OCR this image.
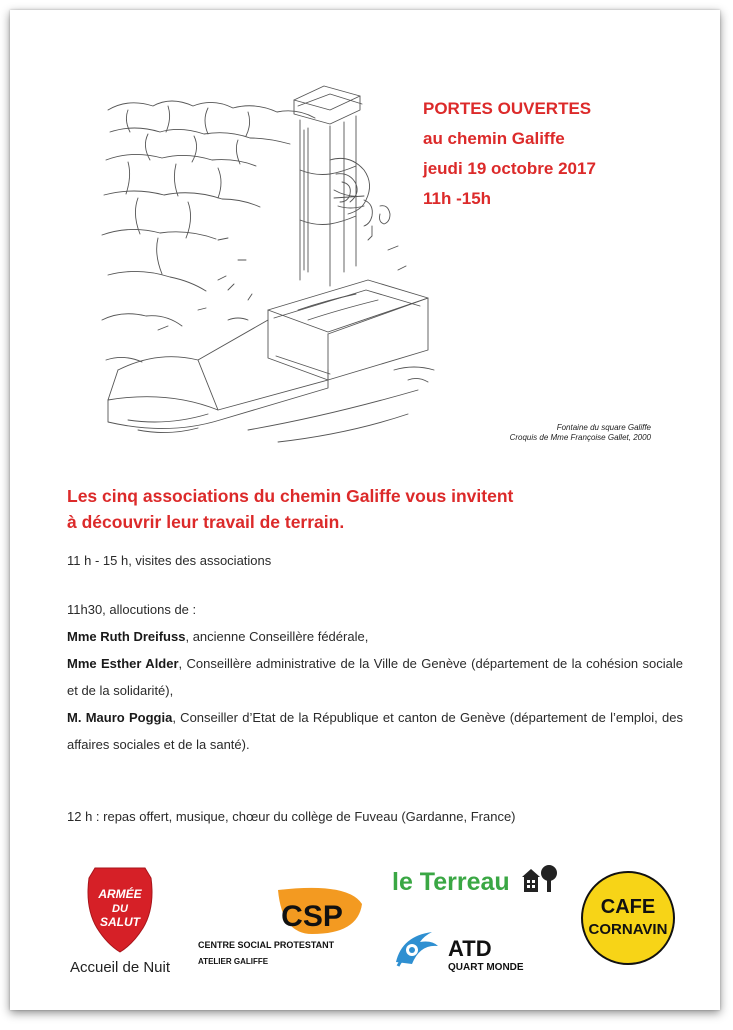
PORTES OUVERTES
au chemin Galiffe
jeudi 19 octobre 2017
11h -15h
Fontaine du square Galiffe
Croquis de Mme Françoise Gallet, 2000
Les cinq associations du chemin Galiffe vous invitent
à découvrir leur travail de terrain.

11 h - 15 h, visites des associations

11h30, allocutions de :

Mme Ruth Dreifuss, ancienne Conseillère fédérale,

Mme Esther Alder, Conseillère administrative de la Ville de Genève (département de la cohésion sociale et de la solidarité),

M. Mauro Poggia, Conseiller d’Etat de la République et canton de Genève (département de l’emploi, des affaires sociales et de la santé).

12 h : repas offert, musique, chœur du collège de Fuveau (Gardanne, France)

ARMÉE
DU
SALUT
Accueil de Nuit
CSP
CENTRE SOCIAL PROTESTANT
ATELIER GALIFFE
le Terreau
ATD
QUART MONDE
CAFE
CORNAVIN
